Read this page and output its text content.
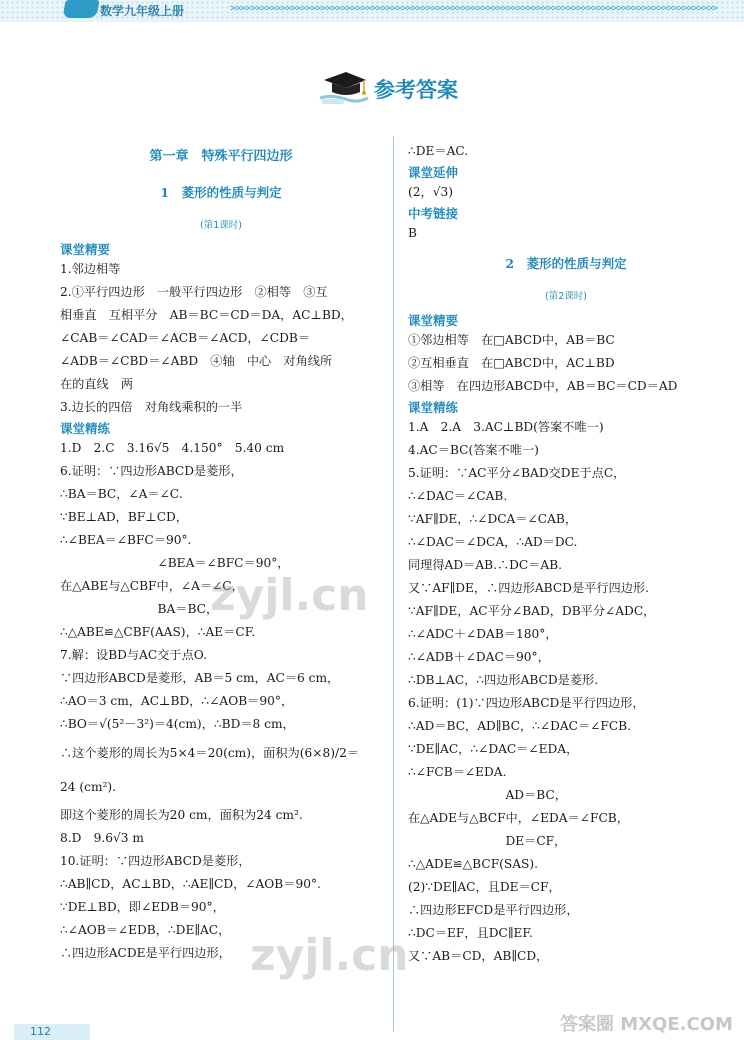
数学九年级上册	>>>>>>>>>>>>>>>>>>>>>>>>>>>>>>>>>>>>>>>>>>>>>>>>>>>>>>>>>>>>>>>>>>>>>>>>>>>>>>>>>>>>>>>>>>>>>>>>>
参考答案
第一章　特殊平行四边形
1　菱形的性质与判定
(第1课时)
课堂精要
1.邻边相等
2.①平行四边形　一般平行四边形　②相等　③互
相垂直　互相平分　AB＝BC＝CD＝DA，AC⊥BD，
∠CAB＝∠CAD＝∠ACB＝∠ACD，∠CDB＝
∠ADB＝∠CBD＝∠ABD　④轴　中心　对角线所
在的直线　两
3.边长的四倍　对角线乘积的一半
课堂精练
1.D　2.C　3.16√5　4.150°　5.40 cm
6.证明：∵四边形ABCD是菱形，
∴BA＝BC，∠A＝∠C.
∵BE⊥AD，BF⊥CD，
∴∠BEA＝∠BFC＝90°.
　　　　　　　　∠BEA＝∠BFC＝90°，
在△ABE与△CBF中，∠A＝∠C，
　　　　　　　　BA＝BC，
∴△ABE≌△CBF(AAS)，∴AE＝CF.
7.解：设BD与AC交于点O.
∵四边形ABCD是菱形，AB＝5 cm，AC＝6 cm，
∴AO＝3 cm，AC⊥BD，∴∠AOB＝90°，
∴BO＝√(5²－3²)＝4(cm)，∴BD＝8 cm，
∴这个菱形的周长为5×4＝20(cm)，面积为(6×8)/2＝
24 (cm²).
即这个菱形的周长为20 cm，面积为24 cm².
8.D　9.6√3 m
10.证明：∵四边形ABCD是菱形，
∴AB∥CD，AC⊥BD，∴AE∥CD，∠AOB＝90°.
∵DE⊥BD，即∠EDB＝90°，
∴∠AOB＝∠EDB，∴DE∥AC，
∴四边形ACDE是平行四边形，
∴DE＝AC.
课堂延伸
(2，√3)
中考链接
B
2　菱形的性质与判定
(第2课时)
课堂精要
①邻边相等　在□ABCD中，AB＝BC
②互相垂直　在□ABCD中，AC⊥BD
③相等　在四边形ABCD中，AB＝BC＝CD＝AD
课堂精练
1.A　2.A　3.AC⊥BD(答案不唯一)
4.AC＝BC(答案不唯一)
5.证明：∵AC平分∠BAD交DE于点C，
∴∠DAC＝∠CAB.
∵AF∥DE，∴∠DCA＝∠CAB，
∴∠DAC＝∠DCA，∴AD＝DC.
同理得AD＝AB.∴DC＝AB.
又∵AF∥DE，∴四边形ABCD是平行四边形.
∵AF∥DE，AC平分∠BAD，DB平分∠ADC，
∴∠ADC＋∠DAB＝180°，
∴∠ADB＋∠DAC＝90°，
∴DB⊥AC，∴四边形ABCD是菱形.
6.证明：(1)∵四边形ABCD是平行四边形，
∴AD＝BC，AD∥BC，∴∠DAC＝∠FCB.
∵DE∥AC，∴∠DAC＝∠EDA，
∴∠FCB＝∠EDA.
　　　　　　　　AD＝BC，
在△ADE与△BCF中，∠EDA＝∠FCB，
　　　　　　　　DE＝CF，
∴△ADE≌△BCF(SAS).
(2)∵DE∥AC，且DE＝CF，
∴四边形EFCD是平行四边形，
∴DC＝EF，且DC∥EF.
又∵AB＝CD，AB∥CD，
zyjl.cn
zyjl.cn
答案圈 MXQE.COM
112
